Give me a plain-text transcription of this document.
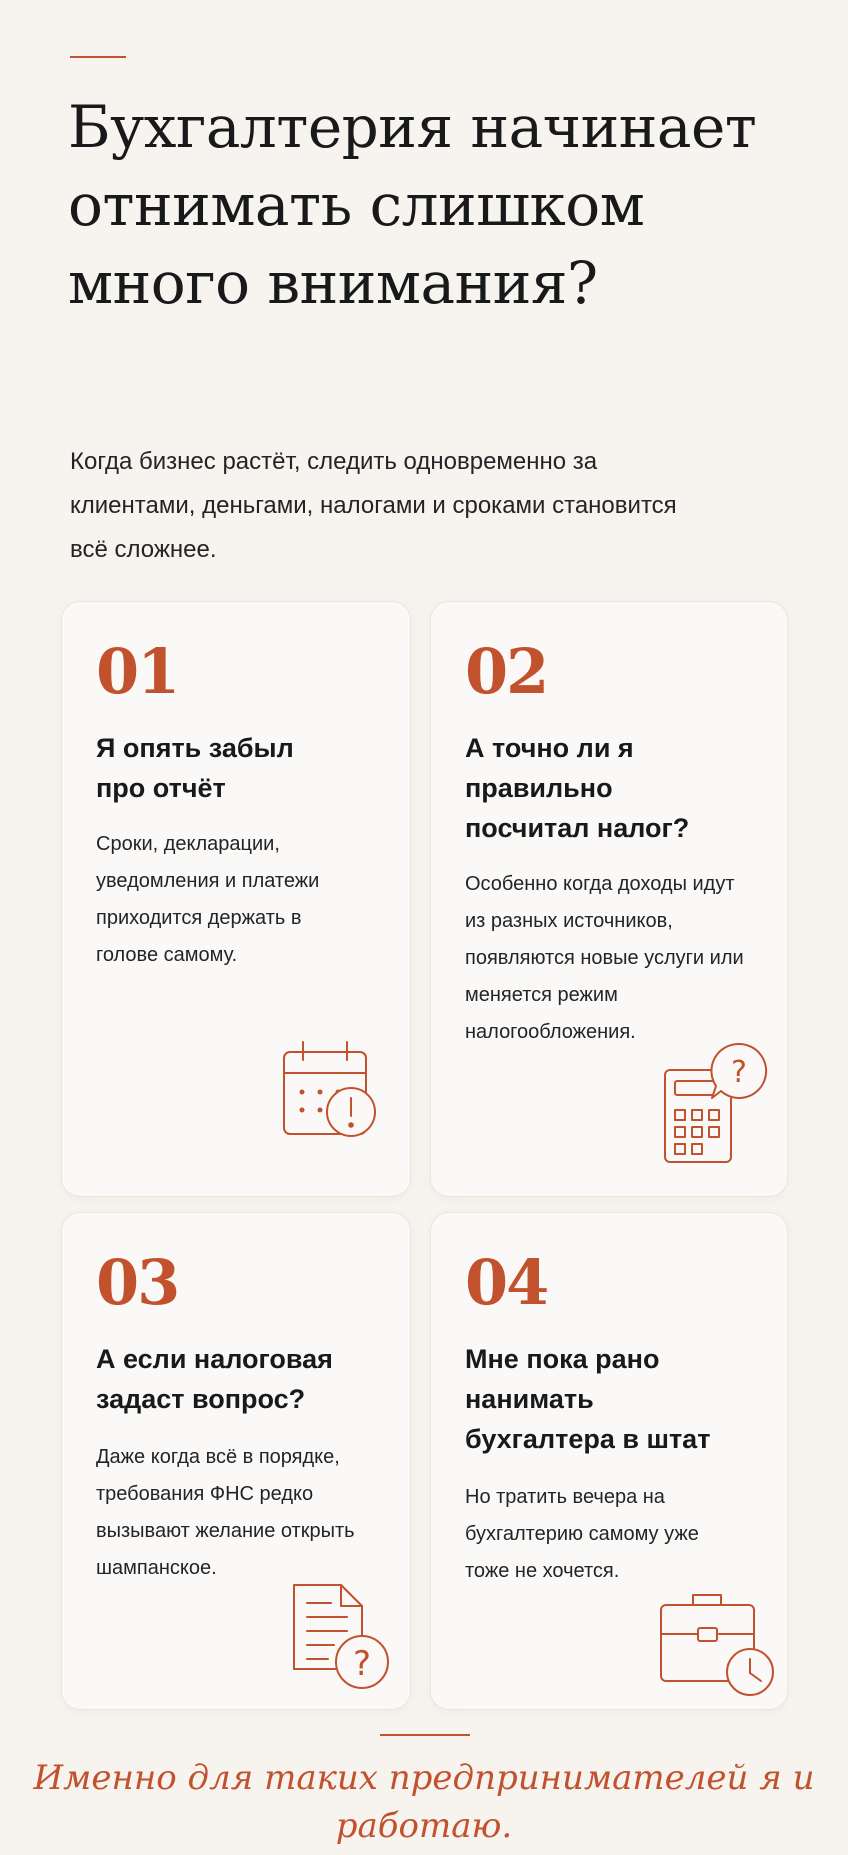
Бухгалтерия начинает отнимать слишком много внимания?

Когда бизнес растёт, следить одновременно за клиентами, деньгами, налогами и сроками становится всё сложнее.

01
Я опять забыл про отчёт

Сроки, декларации, уведомления и платежи приходится держать в голове самому.

02
А точно ли я правильно посчитал налог?

Особенно когда доходы идут из разных источников, появляются новые услуги или меняется режим налогообложения.

?
03
А если налоговая задаст вопрос?

Даже когда всё в порядке, требования ФНС редко вызывают желание открыть шампанское.

?
04
Мне пока рано нанимать бухгалтера в штат

Но тратить вечера на бухгалтерию самому уже тоже не хочется.

Именно для таких предпринимателей я и работаю.
